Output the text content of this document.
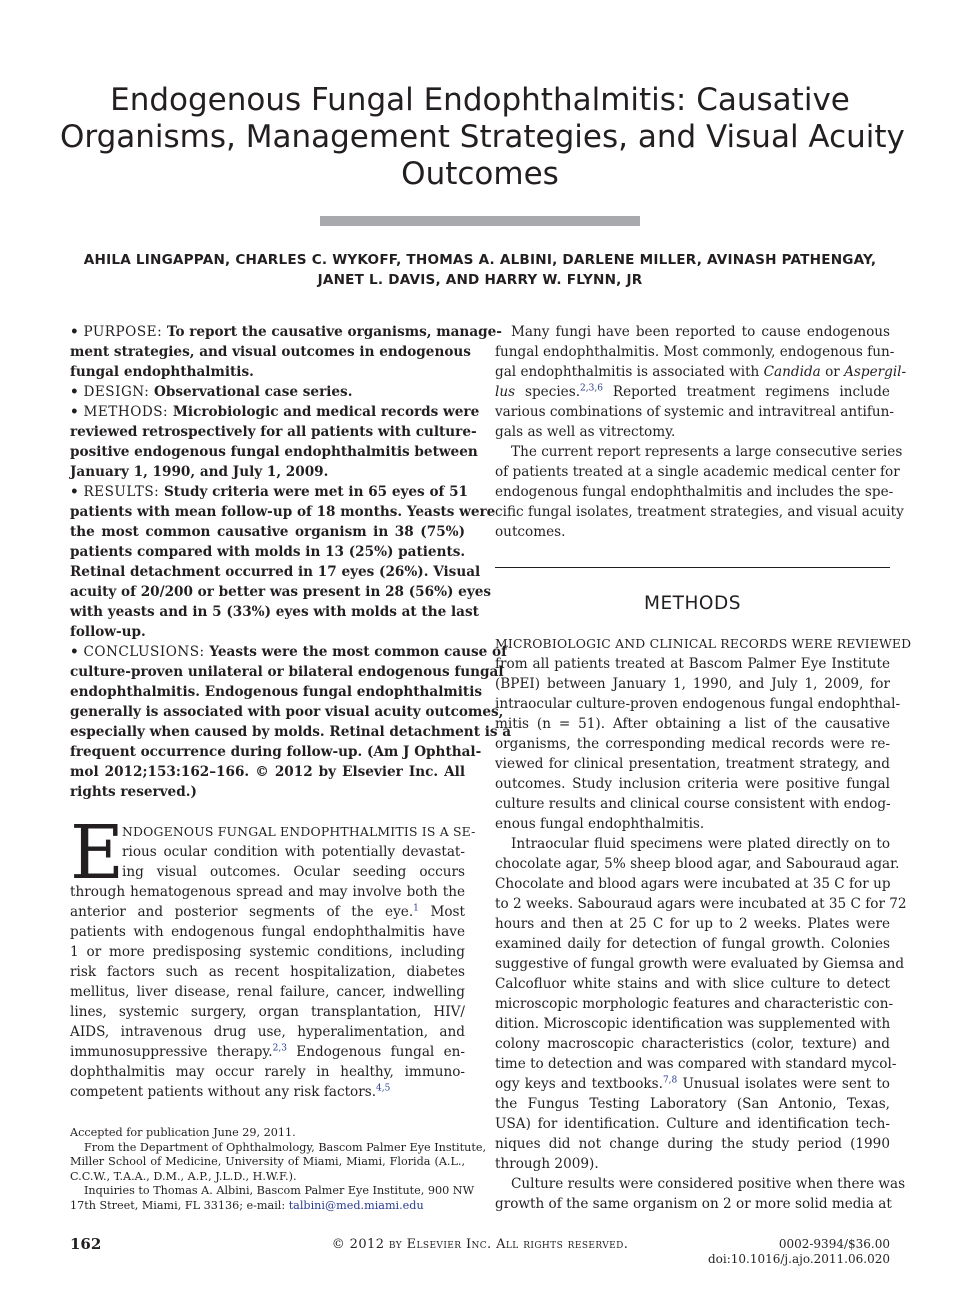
Endogenous Fungal Endophthalmitis: Causative
Organisms, Management Strategies, and Visual Acuity
Outcomes
AHILA LINGAPPAN, CHARLES C. WYKOFF, THOMAS A. ALBINI, DARLENE MILLER, AVINASH PATHENGAY,
JANET L. DAVIS, AND HARRY W. FLYNN, JR
• PURPOSE: To report the causative organisms, manage-
ment strategies, and visual outcomes in endogenous
fungal endophthalmitis.
• DESIGN: Observational case series.
• METHODS: Microbiologic and medical records were
reviewed retrospectively for all patients with culture-
positive endogenous fungal endophthalmitis between
January 1, 1990, and July 1, 2009.
• RESULTS: Study criteria were met in 65 eyes of 51
patients with mean follow-up of 18 months. Yeasts were
the most common causative organism in 38 (75%)
patients compared with molds in 13 (25%) patients.
Retinal detachment occurred in 17 eyes (26%). Visual
acuity of 20/200 or better was present in 28 (56%) eyes
with yeasts and in 5 (33%) eyes with molds at the last
follow-up.
• CONCLUSIONS: Yeasts were the most common cause of
culture-proven unilateral or bilateral endogenous fungal
endophthalmitis. Endogenous fungal endophthalmitis
generally is associated with poor visual acuity outcomes,
especially when caused by molds. Retinal detachment is a
frequent occurrence during follow-up. (Am J Ophthal-
mol 2012;153:162–166. © 2012 by Elsevier Inc. All
rights reserved.)
E
NDOGENOUS FUNGAL ENDOPHTHALMITIS IS A SE-
rious ocular condition with potentially devastat-
ing visual outcomes. Ocular seeding occurs
through hematogenous spread and may involve both the
anterior and posterior segments of the eye.$^1$ Most
patients with endogenous fungal endophthalmitis have
1 or more predisposing systemic conditions, including
risk factors such as recent hospitalization, diabetes
mellitus, liver disease, renal failure, cancer, indwelling
lines, systemic surgery, organ transplantation, HIV/
AIDS, intravenous drug use, hyperalimentation, and
immunosuppressive therapy.$^{2,3}$ Endogenous fungal en-
dophthalmitis may occur rarely in healthy, immuno-
competent patients without any risk factors.$^{4,5}$
Accepted for publication June 29, 2011.
From the Department of Ophthalmology, Bascom Palmer Eye Institute,
Miller School of Medicine, University of Miami, Miami, Florida (A.L.,
C.C.W., T.A.A., D.M., A.P., J.L.D., H.W.F.).
Inquiries to Thomas A. Albini, Bascom Palmer Eye Institute, 900 NW
17th Street, Miami, FL 33136; e-mail: talbini@med.miami.edu
Many fungi have been reported to cause endogenous
fungal endophthalmitis. Most commonly, endogenous fun-
gal endophthalmitis is associated with Candida or Aspergil-
lus species.$^{2,3,6}$ Reported treatment regimens include
various combinations of systemic and intravitreal antifun-
gals as well as vitrectomy.
The current report represents a large consecutive series
of patients treated at a single academic medical center for
endogenous fungal endophthalmitis and includes the spe-
cific fungal isolates, treatment strategies, and visual acuity
outcomes.
METHODS
MICROBIOLOGIC AND CLINICAL RECORDS WERE REVIEWED
from all patients treated at Bascom Palmer Eye Institute
(BPEI) between January 1, 1990, and July 1, 2009, for
intraocular culture-proven endogenous fungal endophthal-
mitis (n = 51). After obtaining a list of the causative
organisms, the corresponding medical records were re-
viewed for clinical presentation, treatment strategy, and
outcomes. Study inclusion criteria were positive fungal
culture results and clinical course consistent with endog-
enous fungal endophthalmitis.
Intraocular fluid specimens were plated directly on to
chocolate agar, 5% sheep blood agar, and Sabouraud agar.
Chocolate and blood agars were incubated at 35 C for up
to 2 weeks. Sabouraud agars were incubated at 35 C for 72
hours and then at 25 C for up to 2 weeks. Plates were
examined daily for detection of fungal growth. Colonies
suggestive of fungal growth were evaluated by Giemsa and
Calcofluor white stains and with slice culture to detect
microscopic morphologic features and characteristic con-
dition. Microscopic identification was supplemented with
colony macroscopic characteristics (color, texture) and
time to detection and was compared with standard mycol-
ogy keys and textbooks.$^{7,8}$ Unusual isolates were sent to
the Fungus Testing Laboratory (San Antonio, Texas,
USA) for identification. Culture and identification tech-
niques did not change during the study period (1990
through 2009).
Culture results were considered positive when there was
growth of the same organism on 2 or more solid media at
162	© 2012 by Elsevier Inc. All rights reserved.	0002-9394/$36.00
doi:10.1016/j.ajo.2011.06.020
